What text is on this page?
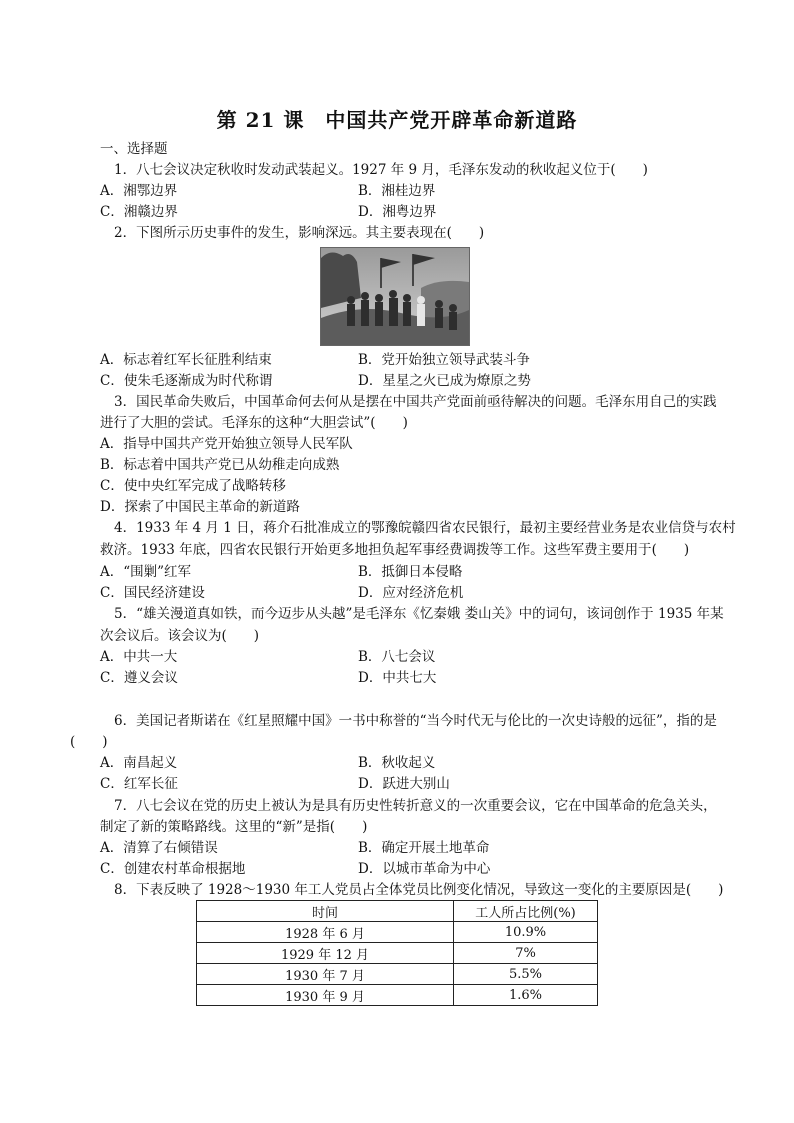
第 21 课　中国共产党开辟革命新道路
一、选择题
1．八七会议决定秋收时发动武装起义。1927 年 9 月，毛泽东发动的秋收起义位于(　　)
A．湘鄂边界	B．湘桂边界
C．湘赣边界	D．湘粤边界
2．下图所示历史事件的发生，影响深远。其主要表现在(　　)
A．标志着红军长征胜利结束	B．党开始独立领导武装斗争
C．使朱毛逐渐成为时代称谓	D．星星之火已成为燎原之势
3．国民革命失败后，中国革命何去何从是摆在中国共产党面前亟待解决的问题。毛泽东用自己的实践
进行了大胆的尝试。毛泽东的这种“大胆尝试”(　　)
A．指导中国共产党开始独立领导人民军队
B．标志着中国共产党已从幼稚走向成熟
C．使中央红军完成了战略转移
D．探索了中国民主革命的新道路
4．1933 年 4 月 1 日，蒋介石批准成立的鄂豫皖赣四省农民银行，最初主要经营业务是农业信贷与农村
救济。1933 年底，四省农民银行开始更多地担负起军事经费调拨等工作。这些军费主要用于(　　)
A．“围剿”红军	B．抵御日本侵略
C．国民经济建设	D．应对经济危机
5．“雄关漫道真如铁，而今迈步从头越”是毛泽东《忆秦娥 娄山关》中的词句，该词创作于 1935 年某
次会议后。该会议为(　　)
A．中共一大	B．八七会议
C．遵义会议	D．中共七大
6．美国记者斯诺在《红星照耀中国》一书中称誉的“当今时代无与伦比的一次史诗般的远征”，指的是
(　　)
A．南昌起义	B．秋收起义
C．红军长征	D．跃进大别山
7．八七会议在党的历史上被认为是具有历史性转折意义的一次重要会议，它在中国革命的危急关头，
制定了新的策略路线。这里的“新”是指(　　)
A．清算了右倾错误	B．确定开展土地革命
C．创建农村革命根据地	D．以城市革命为中心
8．下表反映了 1928～1930 年工人党员占全体党员比例变化情况，导致这一变化的主要原因是(　　)
时间	工人所占比例(%)
1928 年 6 月	10.9%
1929 年 12 月	7%
1930 年 7 月	5.5%
1930 年 9 月	1.6%
